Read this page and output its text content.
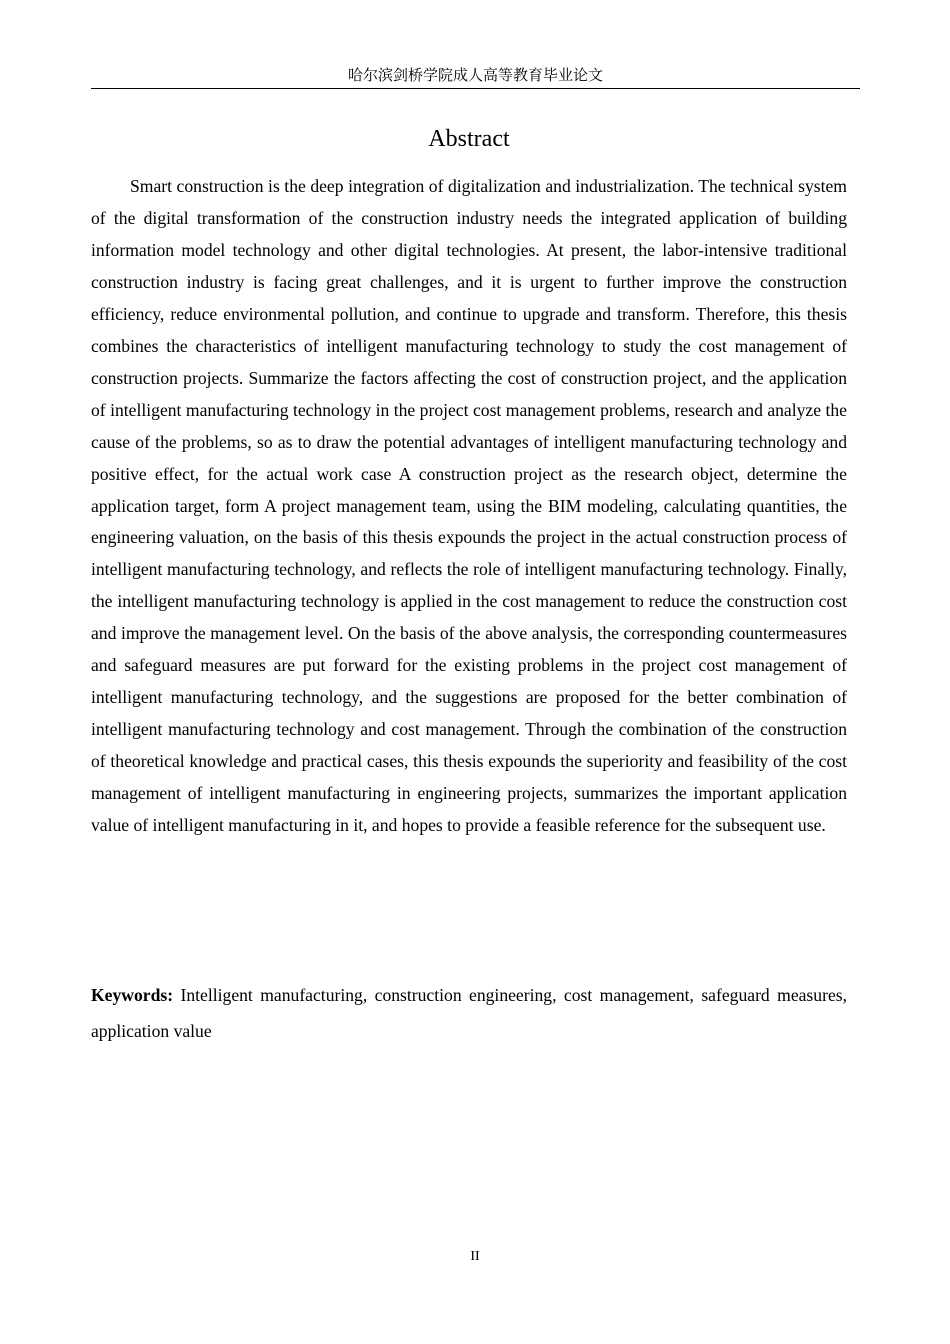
哈尔滨剑桥学院成人高等教育毕业论文
Abstract

Smart construction is the deep integration of digitalization and industrialization. The technical system of the digital transformation of the construction industry needs the integrated application of building information model technology and other digital technologies. At present, the labor-intensive traditional construction industry is facing great challenges, and it is urgent to further improve the construction efficiency, reduce environmental pollution, and continue to upgrade and transform. Therefore, this thesis combines the characteristics of intelligent manufacturing technology to study the cost management of construction projects. Summarize the factors affecting the cost of construction project, and the application of intelligent manufacturing technology in the project cost management problems, research and analyze the cause of the problems, so as to draw the potential advantages of intelligent manufacturing technology and positive effect, for the actual work case A construction project as the research object, determine the application target, form A project management team, using the BIM modeling, calculating quantities, the engineering valuation, on the basis of this thesis expounds the project in the actual construction process of intelligent manufacturing technology, and reflects the role of intelligent manufacturing technology. Finally, the intelligent manufacturing technology is applied in the cost management to reduce the construction cost and improve the management level. On the basis of the above analysis, the corresponding countermeasures and safeguard measures are put forward for the existing problems in the project cost management of intelligent manufacturing technology, and the suggestions are proposed for the better combination of intelligent manufacturing technology and cost management. Through the combination of the construction of theoretical knowledge and practical cases, this thesis expounds the superiority and feasibility of the cost management of intelligent manufacturing in engineering projects, summarizes the important application value of intelligent manufacturing in it, and hopes to provide a feasible reference for the subsequent use.

Keywords: Intelligent manufacturing, construction engineering, cost management, safeguard measures, application value

II
